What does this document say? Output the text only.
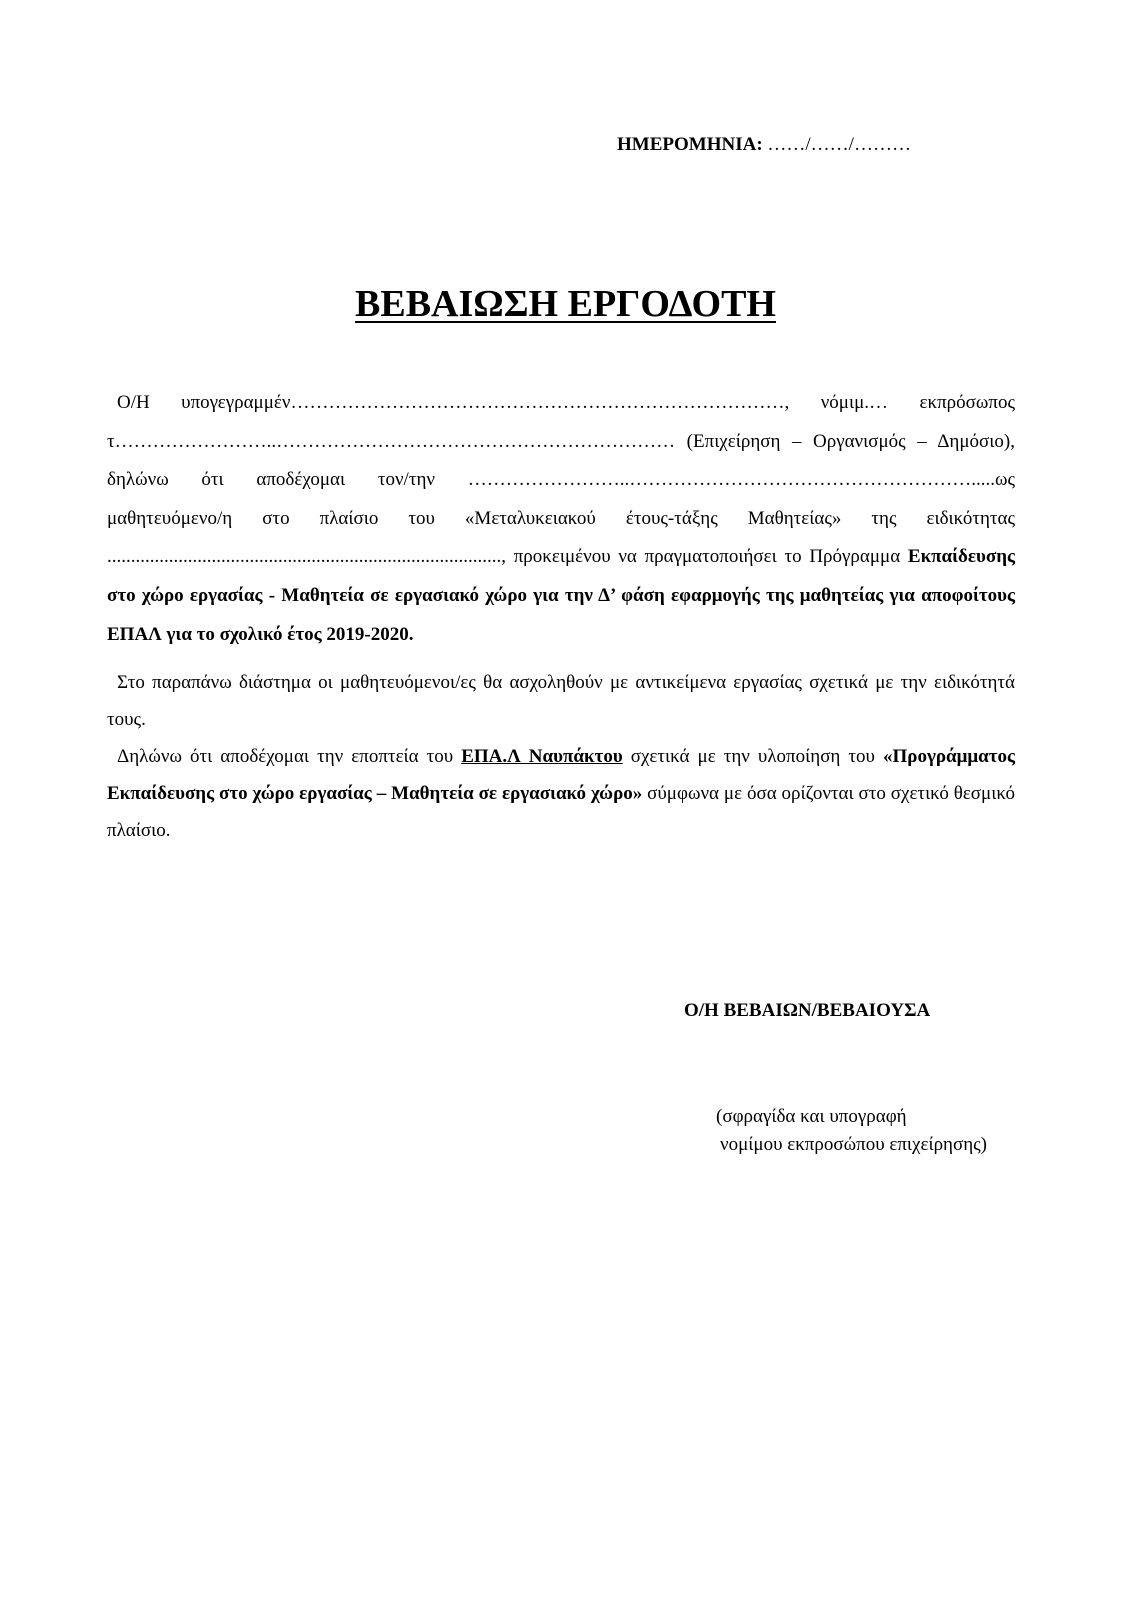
ΗΜΕΡΟΜΗΝΙΑ: ……/……/………
ΒΕΒΑΙΩΣΗ ΕΡΓΟΔΟΤΗ

Ο/Η υπογεγραμμέν……………………………………………………………………, νόμιμ.… εκπρόσωπος τ……………………..……………………………………………………… (Επιχείρηση – Οργανισμός – Δημόσιο), δηλώνω ότι αποδέχομαι τον/την ……………………..……………………………………………….....ως μαθητευόμενο/η στο πλαίσιο του «Μεταλυκειακού έτους-τάξης Μαθητείας» της ειδικότητας ..................................................................................., προκειμένου να πραγματοποιήσει το Πρόγραμμα Εκπαίδευσης στο χώρο εργασίας - Μαθητεία σε εργασιακό χώρο για την Δ’ φάση εφαρμογής της μαθητείας για αποφοίτους ΕΠΑΛ για το σχολικό έτος 2019-2020.

Στο παραπάνω διάστημα οι μαθητευόμενοι/ες θα ασχοληθούν με αντικείμενα εργασίας σχετικά με την ειδικότητά τους.

Δηλώνω ότι αποδέχομαι την εποπτεία του ΕΠΑ.Λ Ναυπάκτου σχετικά με την υλοποίηση του «Προγράμματος Εκπαίδευσης στο χώρο εργασίας – Μαθητεία σε εργασιακό χώρο» σύμφωνα με όσα ορίζονται στο σχετικό θεσμικό πλαίσιο.

Ο/Η ΒΕΒΑΙΩΝ/ΒΕΒΑΙΟΥΣΑ
(σφραγίδα και υπογραφή
νομίμου εκπροσώπου επιχείρησης)
